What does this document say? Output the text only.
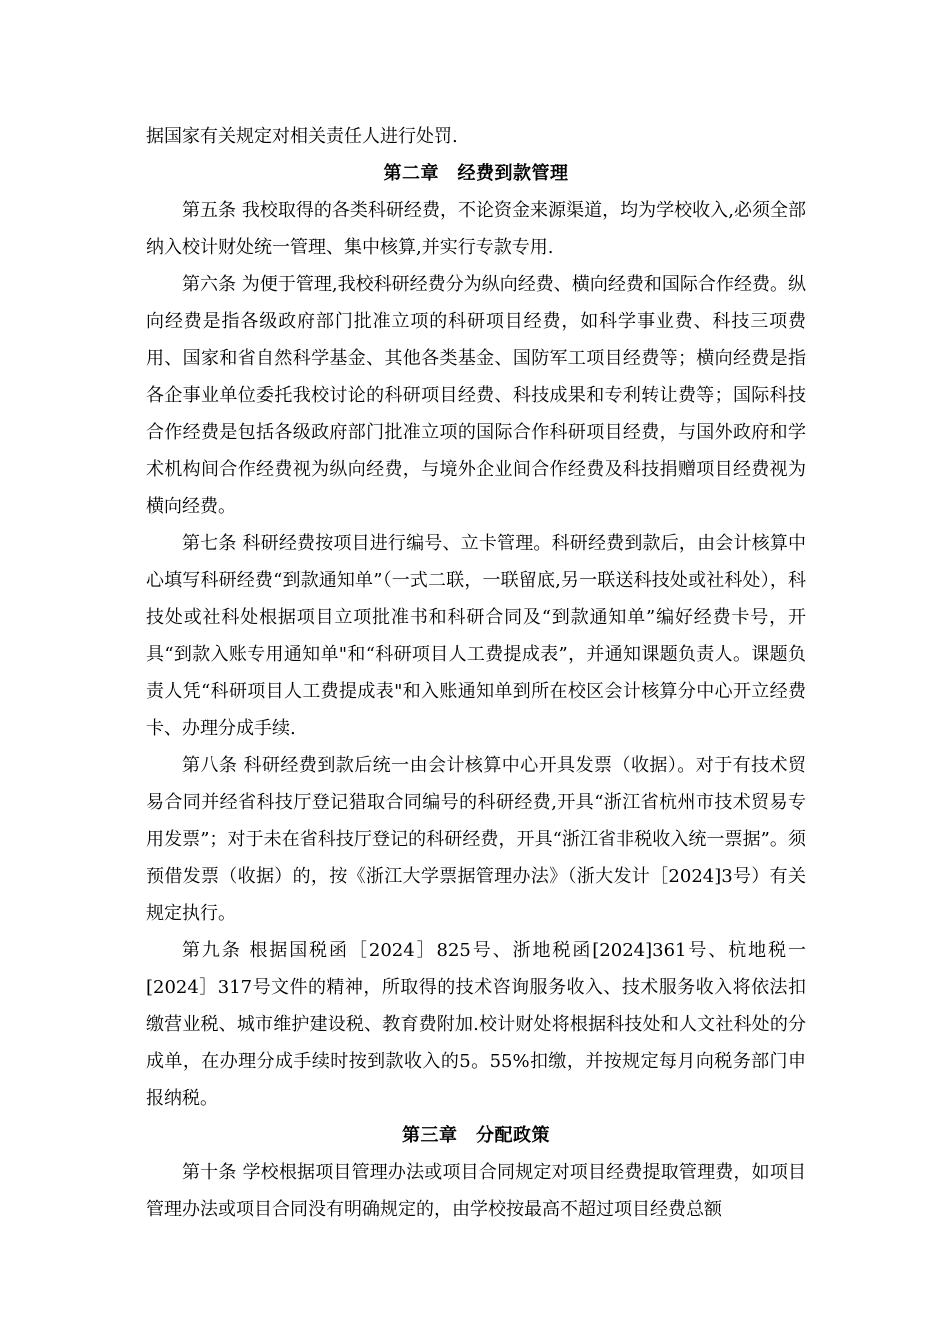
据国家有关规定对相关责任人进行处罚.

第二章　经费到款管理

第五条 我校取得的各类科研经费，不论资金来源渠道，均为学校收入,必须全部纳入校计财处统一管理、集中核算,并实行专款专用.

第六条 为便于管理,我校科研经费分为纵向经费、横向经费和国际合作经费。纵向经费是指各级政府部门批准立项的科研项目经费，如科学事业费、科技三项费用、国家和省自然科学基金、其他各类基金、国防军工项目经费等；横向经费是指各企事业单位委托我校讨论的科研项目经费、科技成果和专利转让费等；国际科技合作经费是包括各级政府部门批准立项的国际合作科研项目经费，与国外政府和学术机构间合作经费视为纵向经费，与境外企业间合作经费及科技捐赠项目经费视为横向经费。

第七条 科研经费按项目进行编号、立卡管理。科研经费到款后，由会计核算中心填写科研经费“到款通知单”（一式二联，一联留底,另一联送科技处或社科处），科技处或社科处根据项目立项批准书和科研合同及“到款通知单”编好经费卡号，开具“到款入账专用通知单"和“科研项目人工费提成表”，并通知课题负责人。课题负责人凭“科研项目人工费提成表"和入账通知单到所在校区会计核算分中心开立经费卡、办理分成手续.

第八条 科研经费到款后统一由会计核算中心开具发票（收据）。对于有技术贸易合同并经省科技厅登记猎取合同编号的科研经费,开具“浙江省杭州市技术贸易专用发票”；对于未在省科技厅登记的科研经费，开具“浙江省非税收入统一票据”。须预借发票（收据）的，按《浙江大学票据管理办法》（浙大发计［2024]3号）有关规定执行。

第九条 根据国税函［2024］825号、浙地税函[2024]361号、杭地税一[2024］317号文件的精神，所取得的技术咨询服务收入、技术服务收入将依法扣缴营业税、城市维护建设税、教育费附加.校计财处将根据科技处和人文社科处的分成单，在办理分成手续时按到款收入的5。55%扣缴，并按规定每月向税务部门申报纳税。

第三章　分配政策

第十条 学校根据项目管理办法或项目合同规定对项目经费提取管理费，如项目管理办法或项目合同没有明确规定的，由学校按最高不超过项目经费总额
